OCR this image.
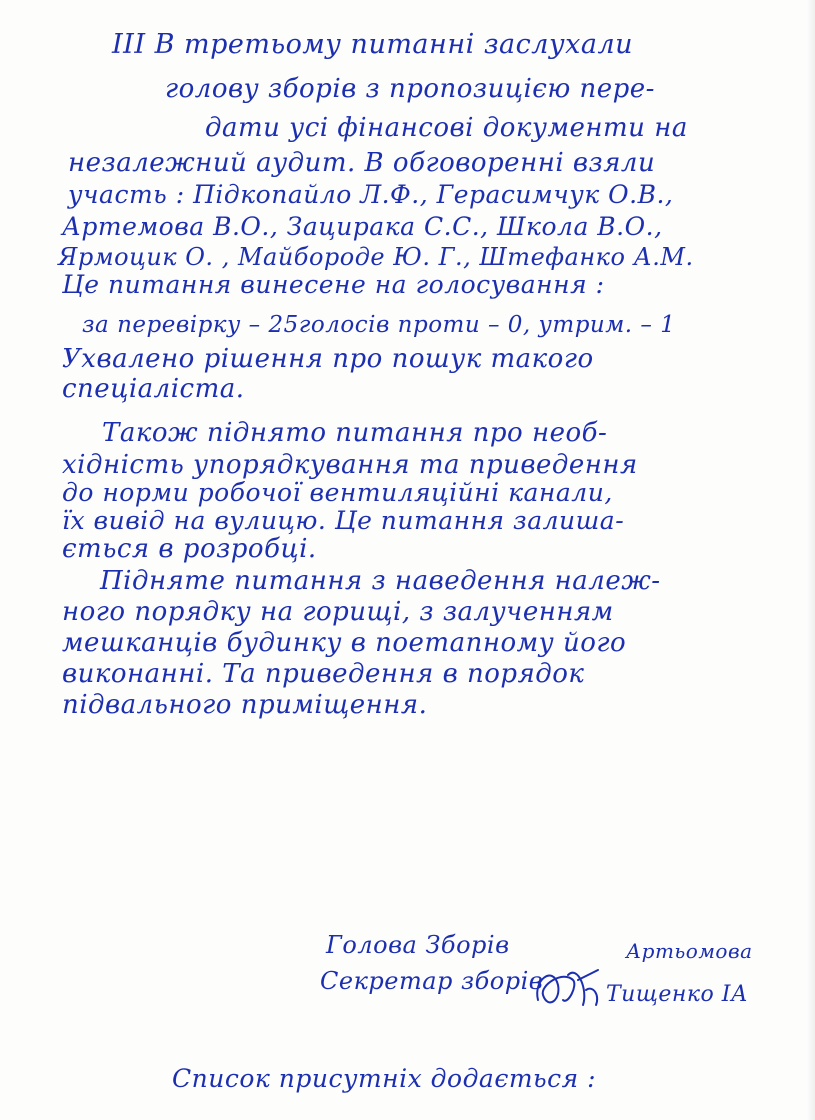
III В третьому питанні заслухали
голову зборів з пропозицією пере-
дати усі фінансові документи на
незалежний аудит. В обговоренні взяли
участь : Підкопайло Л.Ф., Герасимчук О.В.,
Артемова В.О., Зацирака С.С., Школа В.О.,
Ярмоцик О. , Майбороде Ю. Г., Штефанко А.М.
Це питання винесене на голосування :
за перевірку – 25голосів проти – 0, утрим. – 1
Ухвалено рішення про пошук такого
спеціаліста.
Також піднято питання про необ-
хідність упорядкування та приведення
до норми робочої вентиляційні канали,
їх вивід на вулицю. Це питання залиша-
ється в розробці.
Підняте питання з наведення належ-
ного порядку на горищі, з залученням
мешканців будинку в поетапному його
виконанні. Та приведення в порядок
підвального приміщення.
Голова Зборів	Артьомова
Секретар зборів	Тищенко ІА
Список присутніх додається :
